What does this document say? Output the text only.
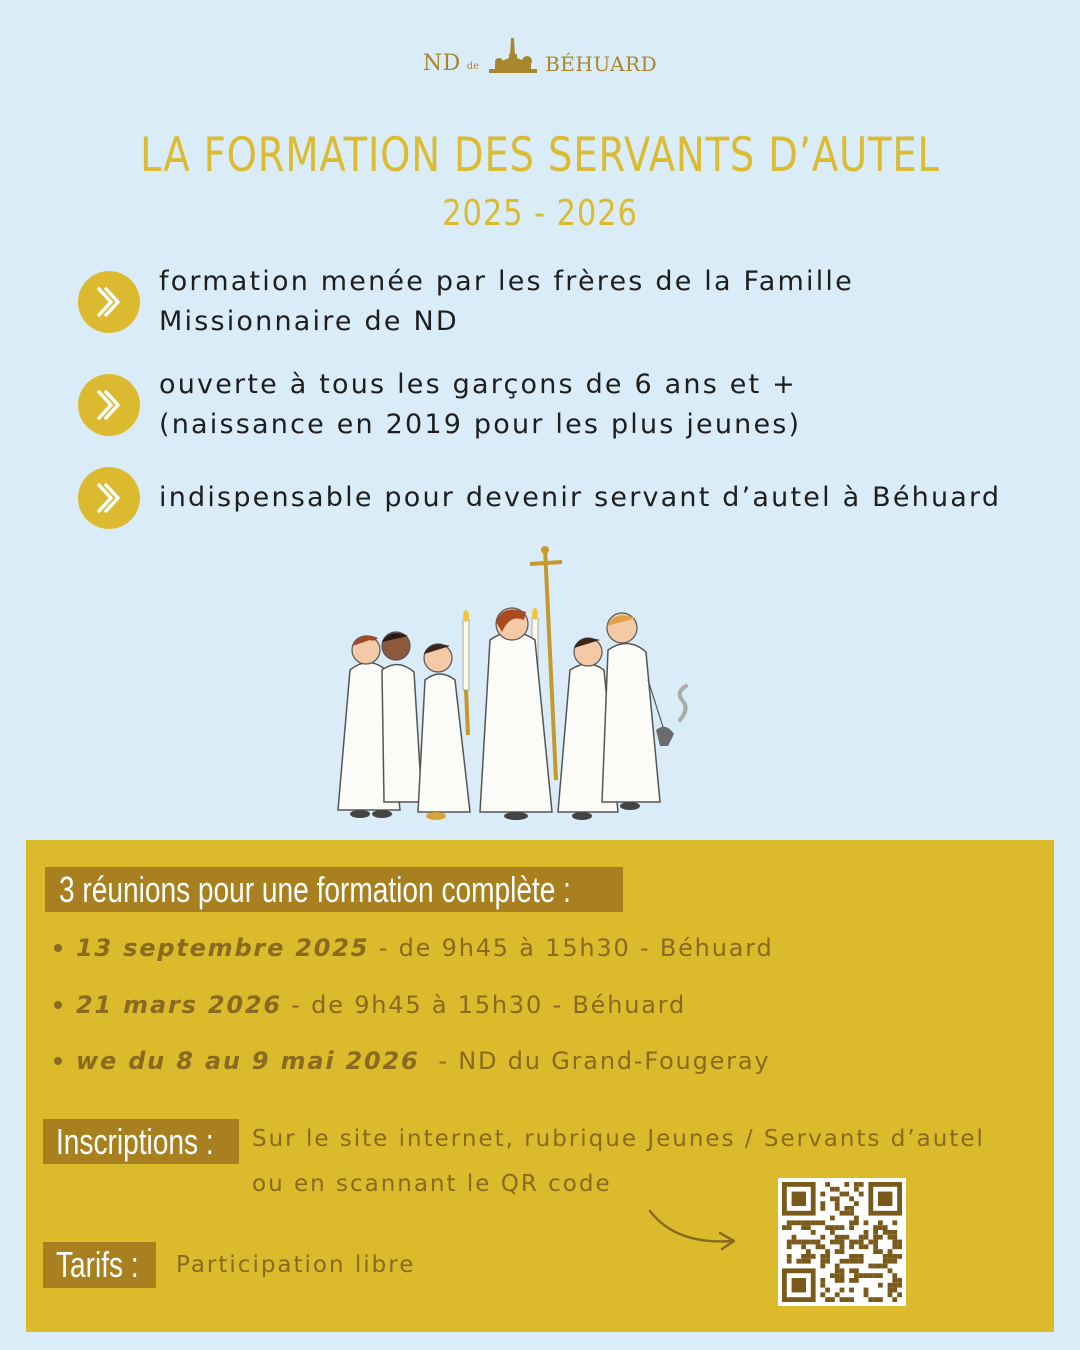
ND de	BÉHUARD
LA FORMATION DES SERVANTS D’AUTEL
2025 - 2026
formation menée par les frères de la Famille
Missionnaire de ND
ouverte à tous les garçons de 6 ans et +
(naissance en 2019 pour les plus jeunes)
indispensable pour devenir servant d’autel à Béhuard
3 réunions pour une formation complète :
13 septembre 2025 - de 9h45 à 15h30 - Béhuard
21 mars 2026 - de 9h45 à 15h30 - Béhuard
we du 8 au 9 mai 2026 - ND du Grand-Fougeray
Inscriptions : Sur le site internet, rubrique Jeunes / Servants d’autel
ou en scannant le QR code
Tarifs : Participation libre
